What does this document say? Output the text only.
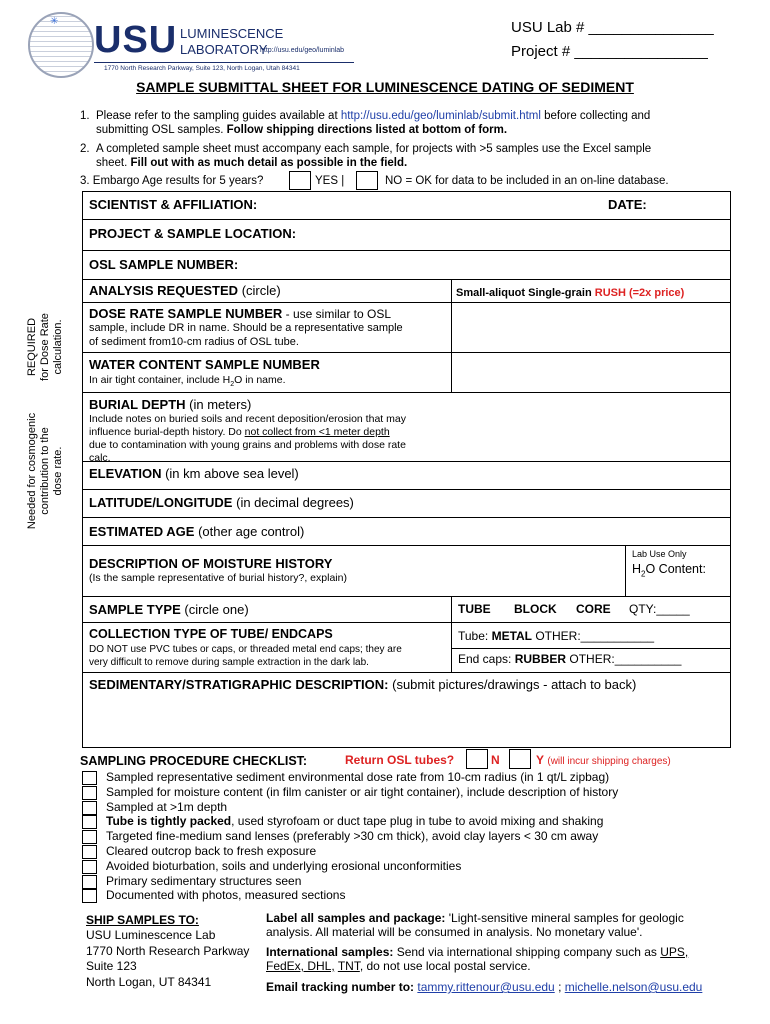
✳ USU LUMINESCENCE
LABORATORY
http://usu.edu/geo/luminlab
1770 North Research Parkway, Suite 123, North Logan, Utah 84341
USU Lab # _______________
Project # ________________
SAMPLE SUBMITTAL SHEET FOR LUMINESCENCE DATING OF SEDIMENT
1. Please refer to the sampling guides available at http://usu.edu/geo/luminlab/submit.html before collecting and
submitting OSL samples. Follow shipping directions listed at bottom of form.
2. A completed sample sheet must accompany each sample, for projects with >5 samples use the Excel sample
sheet. Fill out with as much detail as possible in the field.
3. Embargo Age results for 5 years?	YES |	NO = OK for data to be included in an on-line database.
SCIENTIST & AFFILIATION:	DATE:
PROJECT & SAMPLE LOCATION:
OSL SAMPLE NUMBER:
ANALYSIS REQUESTED (circle)	Small-aliquot Single-grain RUSH (=2x price)
DOSE RATE SAMPLE NUMBER - use similar to OSL
sample, include DR in name. Should be a representative sample
of sediment from10-cm radius of OSL tube.
WATER CONTENT SAMPLE NUMBER
In air tight container, include $H_2O$ in name.
BURIAL DEPTH (in meters)
Include notes on buried soils and recent deposition/erosion that may
influence burial-depth history. Do not collect from <1 meter depth
due to contamination with young grains and problems with dose rate
calc.
ELEVATION (in km above sea level)
LATITUDE/LONGITUDE (in decimal degrees)
ESTIMATED AGE (other age control)
DESCRIPTION OF MOISTURE HISTORY
(Is the sample representative of burial history?, explain)
Lab Use Only
$H_2O$ Content:
SAMPLE TYPE (circle one)	TUBE BLOCK CORE QTY:_____
COLLECTION TYPE OF TUBE/ ENDCAPS
DO NOT use PVC tubes or caps, or threaded metal end caps; they are
very difficult to remove during sample extraction in the dark lab.
Tube: METAL OTHER:___________
End caps: RUBBER OTHER:__________
SEDIMENTARY/STRATIGRAPHIC DESCRIPTION: (submit pictures/drawings - attach to back)
REQUIRED
for Dose Rate
calculation.
Needed for cosmogenic
contribution to the
dose rate.
SAMPLING PROCEDURE CHECKLIST:	Return OSL tubes?	N	Y (will incur shipping charges)
Sampled representative sediment environmental dose rate from 10-cm radius (in 1 qt/L zipbag)
Sampled for moisture content (in film canister or air tight container), include description of history
Sampled at >1m depth
Tube is tightly packed, used styrofoam or duct tape plug in tube to avoid mixing and shaking
Targeted fine-medium sand lenses (preferably >30 cm thick), avoid clay layers < 30 cm away
Cleared outcrop back to fresh exposure
Avoided bioturbation, soils and underlying erosional unconformities
Primary sedimentary structures seen
Documented with photos, measured sections
SHIP SAMPLES TO:
USU Luminescence Lab
1770 North Research Parkway
Suite 123
North Logan, UT 84341
Label all samples and package: 'Light-sensitive mineral samples for geologic
analysis. All material will be consumed in analysis. No monetary value'.
International samples: Send via international shipping company such as UPS,
FedEx, DHL, TNT, do not use local postal service.
Email tracking number to: tammy.rittenour@usu.edu ; michelle.nelson@usu.edu
